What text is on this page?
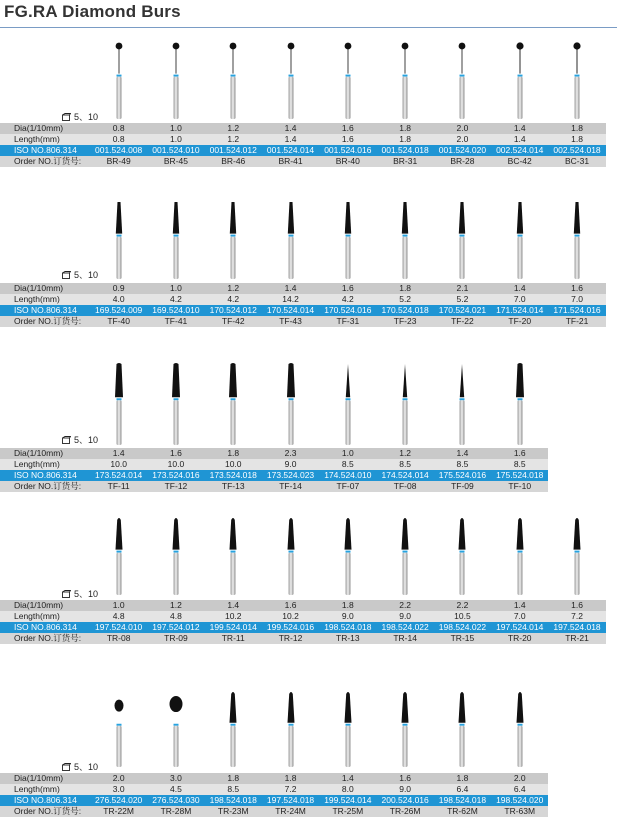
FG.RA Diamond Burs
5、10
Dia(1/10mm)	0.8	1.0	1.2	1.4	1.6	1.8	2.0	1.4	1.8
Length(mm)	0.8	1.0	1.2	1.4	1.6	1.8	2.0	1.4	1.8
ISO NO.806.314	001.524.008	001.524.010	001.524.012	001.524.014	001.524.016	001.524.018	001.524.020	002.524.014	002.524.018
Order NO.订货号:	BR-49	BR-45	BR-46	BR-41	BR-40	BR-31	BR-28	BC-42	BC-31
5、10
Dia(1/10mm)	0.9	1.0	1.2	1.4	1.6	1.8	2.1	1.4	1.6
Length(mm)	4.0	4.2	4.2	14.2	4.2	5.2	5.2	7.0	7.0
ISO NO.806.314	169.524.009	169.524.010	170.524.012	170.524.014	170.524.016	170.524.018	170.524.021	171.524.014	171.524.016
Order NO.订货号:	TF-40	TF-41	TF-42	TF-43	TF-31	TF-23	TF-22	TF-20	TF-21
5、10
Dia(1/10mm)	1.4	1.6	1.8	2.3	1.0	1.2	1.4	1.6	
Length(mm)	10.0	10.0	10.0	9.0	8.5	8.5	8.5	8.5	
ISO NO.806.314	173.524.014	173.524.016	173.524.018	173.524.023	174.524.010	174.524.014	175.524.016	175.524.018	
Order NO.订货号:	TF-11	TF-12	TF-13	TF-14	TF-07	TF-08	TF-09	TF-10	
5、10
Dia(1/10mm)	1.0	1.2	1.4	1.6	1.8	2.2	2.2	1.4	1.6
Length(mm)	4.8	4.8	10.2	10.2	9.0	9.0	10.5	7.0	7.2
ISO NO.806.314	197.524.010	197.524.012	199.524.014	199.524.016	198.524.018	198.524.022	198.524.022	197.524.014	197.524.018
Order NO.订货号:	TR-08	TR-09	TR-11	TR-12	TR-13	TR-14	TR-15	TR-20	TR-21
5、10
Dia(1/10mm)	2.0	3.0	1.8	1.8	1.4	1.6	1.8	2.0	
Length(mm)	3.0	4.5	8.5	7.2	8.0	9.0	6.4	6.4	
ISO NO.806.314	276.524.020	276.524.030	198.524.018	197.524.018	199.524.014	200.524.016	198.524.018	198.524.020	
Order NO.订货号:	TR-22M	TR-28M	TR-23M	TR-24M	TR-25M	TR-26M	TR-62M	TR-63M	
